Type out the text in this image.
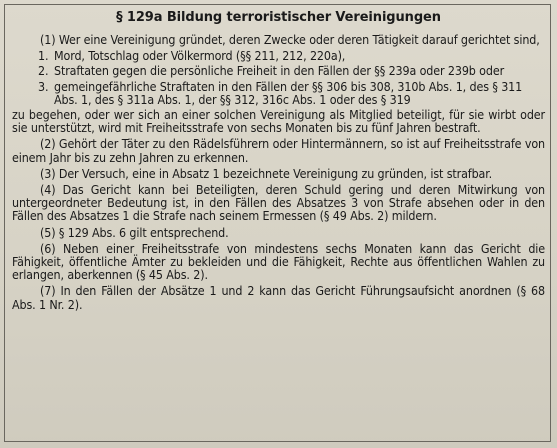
§ 129a Bildung terroristischer Vereinigungen

(1) Wer eine Vereinigung gründet, deren Zwecke oder deren Tätigkeit darauf gerichtet sind,

1. Mord, Totschlag oder Völkermord (§§ 211, 212, 220a),
2. Straftaten gegen die persönliche Freiheit in den Fällen der §§ 239a oder 239b oder
3. gemeingefährliche Straftaten in den Fällen der §§ 306 bis 308, 310b Abs. 1, des § 311 Abs. 1, des § 311a Abs. 1, der §§ 312, 316c Abs. 1 oder des § 319

zu begehen, oder wer sich an einer solchen Vereinigung als Mitglied beteiligt, für sie wirbt oder sie unterstützt, wird mit Freiheitsstrafe von sechs Monaten bis zu fünf Jahren bestraft.

(2) Gehört der Täter zu den Rädelsführern oder Hintermännern, so ist auf Freiheitsstrafe von einem Jahr bis zu zehn Jahren zu erkennen.

(3) Der Versuch, eine in Absatz 1 bezeichnete Vereinigung zu gründen, ist strafbar.

(4) Das Gericht kann bei Beteiligten, deren Schuld gering und deren Mitwirkung von untergeordneter Bedeutung ist, in den Fällen des Absatzes 3 von Strafe absehen oder in den Fällen des Absatzes 1 die Strafe nach seinem Ermessen (§ 49 Abs. 2) mildern.

(5) § 129 Abs. 6 gilt entsprechend.

(6) Neben einer Freiheitsstrafe von mindestens sechs Monaten kann das Gericht die Fähigkeit, öffentliche Ämter zu bekleiden und die Fähigkeit, Rechte aus öffentlichen Wahlen zu erlangen, aberkennen (§ 45 Abs. 2).

(7) In den Fällen der Absätze 1 und 2 kann das Gericht Führungsaufsicht anordnen (§ 68 Abs. 1 Nr. 2).
